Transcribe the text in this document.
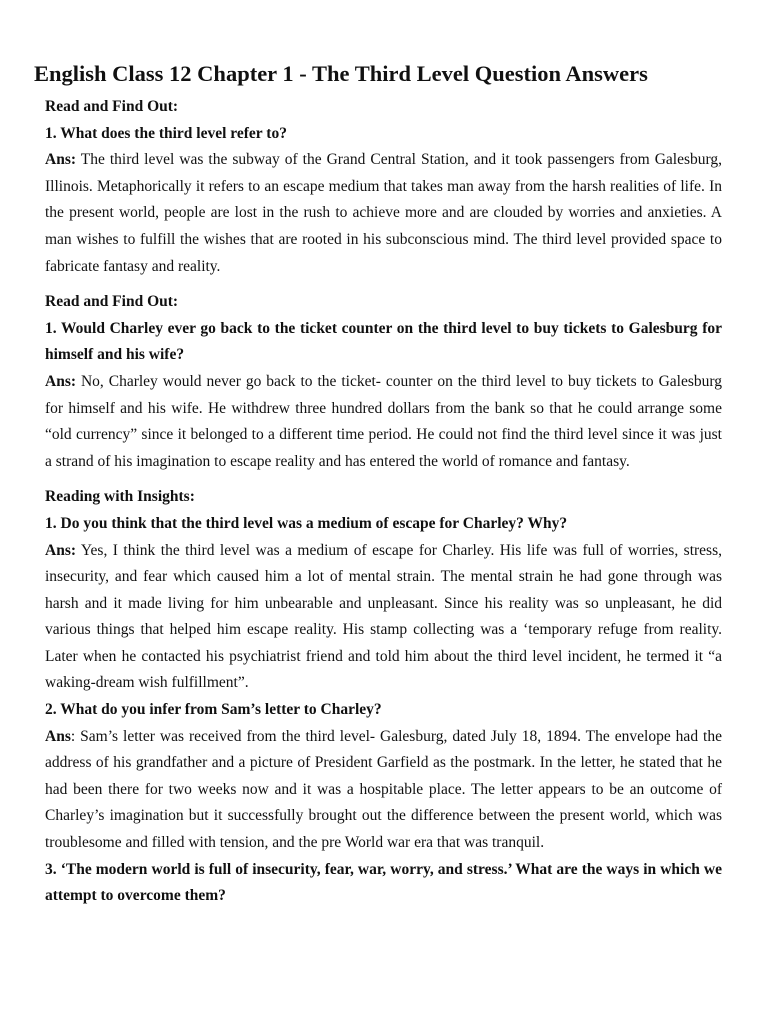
English Class 12 Chapter 1 - The Third Level Question Answers

Read and Find Out:

1. What does the third level refer to?

Ans: The third level was the subway of the Grand Central Station, and it took passengers from Galesburg, Illinois. Metaphorically it refers to an escape medium that takes man away from the harsh realities of life. In the present world, people are lost in the rush to achieve more and are clouded by worries and anxieties. A man wishes to fulfill the wishes that are rooted in his subconscious mind. The third level provided space to fabricate fantasy and reality.

Read and Find Out:

1. Would Charley ever go back to the ticket counter on the third level to buy tickets to Galesburg for himself and his wife?

Ans: No, Charley would never go back to the ticket- counter on the third level to buy tickets to Galesburg for himself and his wife. He withdrew three hundred dollars from the bank so that he could arrange some “old currency” since it belonged to a different time period. He could not find the third level since it was just a strand of his imagination to escape reality and has entered the world of romance and fantasy.

Reading with Insights:

1. Do you think that the third level was a medium of escape for Charley? Why?

Ans: Yes, I think the third level was a medium of escape for Charley. His life was full of worries, stress, insecurity, and fear which caused him a lot of mental strain. The mental strain he had gone through was harsh and it made living for him unbearable and unpleasant. Since his reality was so unpleasant, he did various things that helped him escape reality. His stamp collecting was a ‘temporary refuge from reality. Later when he contacted his psychiatrist friend and told him about the third level incident, he termed it “a waking-dream wish fulfillment”.

2. What do you infer from Sam’s letter to Charley?

Ans: Sam’s letter was received from the third level- Galesburg, dated July 18, 1894. The envelope had the address of his grandfather and a picture of President Garfield as the postmark. In the letter, he stated that he had been there for two weeks now and it was a hospitable place. The letter appears to be an outcome of Charley’s imagination but it successfully brought out the difference between the present world, which was troublesome and filled with tension, and the pre World war era that was tranquil.

3. ‘The modern world is full of insecurity, fear, war, worry, and stress.’ What are the ways in which we attempt to overcome them?
